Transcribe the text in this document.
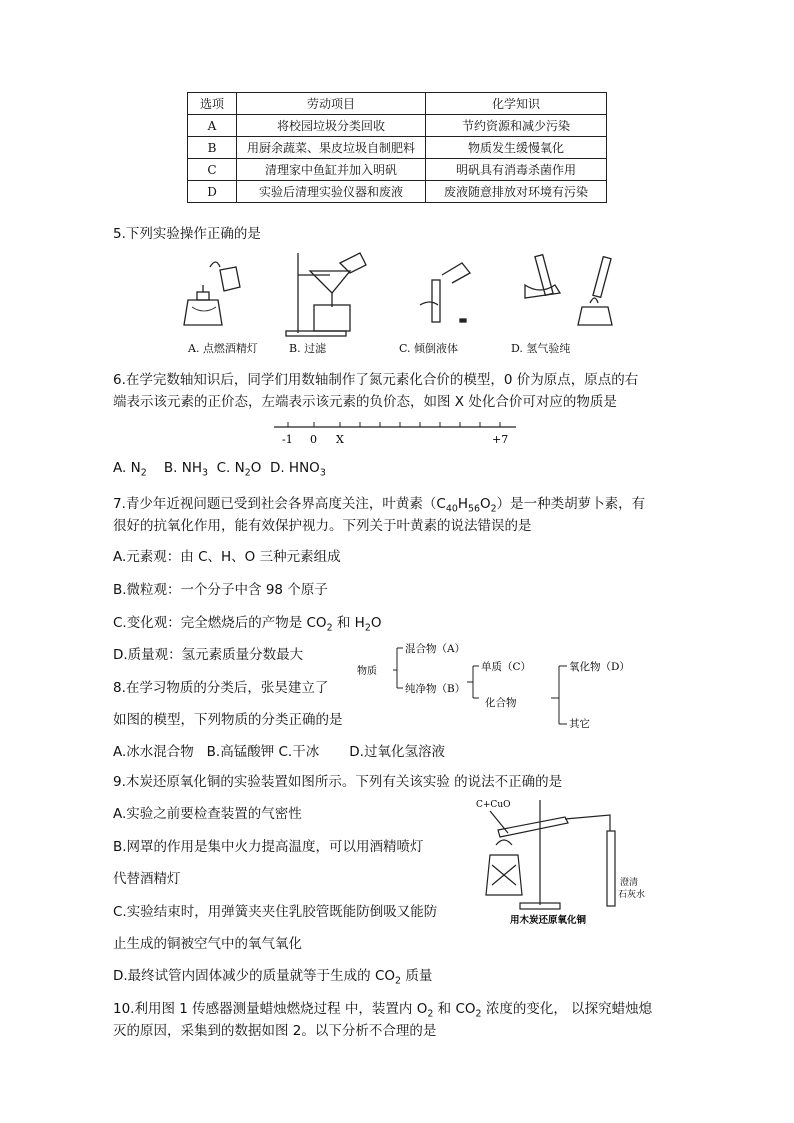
选项	劳动项目	化学知识
A	将校园垃圾分类回收	节约资源和减少污染
B	用厨余蔬菜、果皮垃圾自制肥料	物质发生缓慢氧化
C	清理家中鱼缸并加入明矾	明矾具有消毒杀菌作用
D	实验后清理实验仪器和废液	废液随意排放对环境有污染
5.下列实验操作正确的是
A. 点燃酒精灯	B. 过滤	C. 倾倒液体	D. 氢气验纯
6.在学完数轴知识后，同学们用数轴制作了氮元素化合价的模型，0 价为原点，原点的右
端表示该元素的正价态，左端表示该元素的负价态，如图 X 处化合价可对应的物质是
-1 0 X	+7
A. $N_2$ B. $NH_3$ C. $N_2O$ D. $HNO_3$
7.青少年近视问题已受到社会各界高度关注，叶黄素$(C_{40}H_{56}O_2)$是一种类胡萝卜素，有
很好的抗氧化作用，能有效保护视力。下列关于叶黄素的说法错误的是
A.元素观：由 C、H、O 三种元素组成
B.微粒观：一个分子中含 98 个原子
C.变化观：完全燃烧后的产物是 $CO_2$ 和 $H_2O$
D.质量观：氢元素质量分数最大
8.在学习物质的分类后，张昊建立了
如图的模型，下列物质的分类正确的是
A.冰水混合物   B.高锰酸钾 C.干冰       D.过氧化氢溶液
物质
混合物（A）
纯净物（B）
单质（C）
化合物
氧化物（D）
其它
9.木炭还原氧化铜的实验装置如图所示。下列有关该实验 的说法不正确的是
A.实验之前要检查装置的气密性
B.网罩的作用是集中火力提高温度，可以用酒精喷灯
代替酒精灯
C.实验结束时，用弹簧夹夹住乳胶管既能防倒吸又能防
止生成的铜被空气中的氧气氧化
D.最终试管内固体减少的质量就等于生成的 $CO_2$ 质量
C+CuO
澄清
石灰水
用木炭还原氧化铜
10.利用图 1 传感器测量蜡烛燃烧过程 中，装置内 $O_2$ 和 $CO_2$ 浓度的变化， 以探究蜡烛熄
灭的原因，采集到的数据如图 2。以下分析不合理的是
